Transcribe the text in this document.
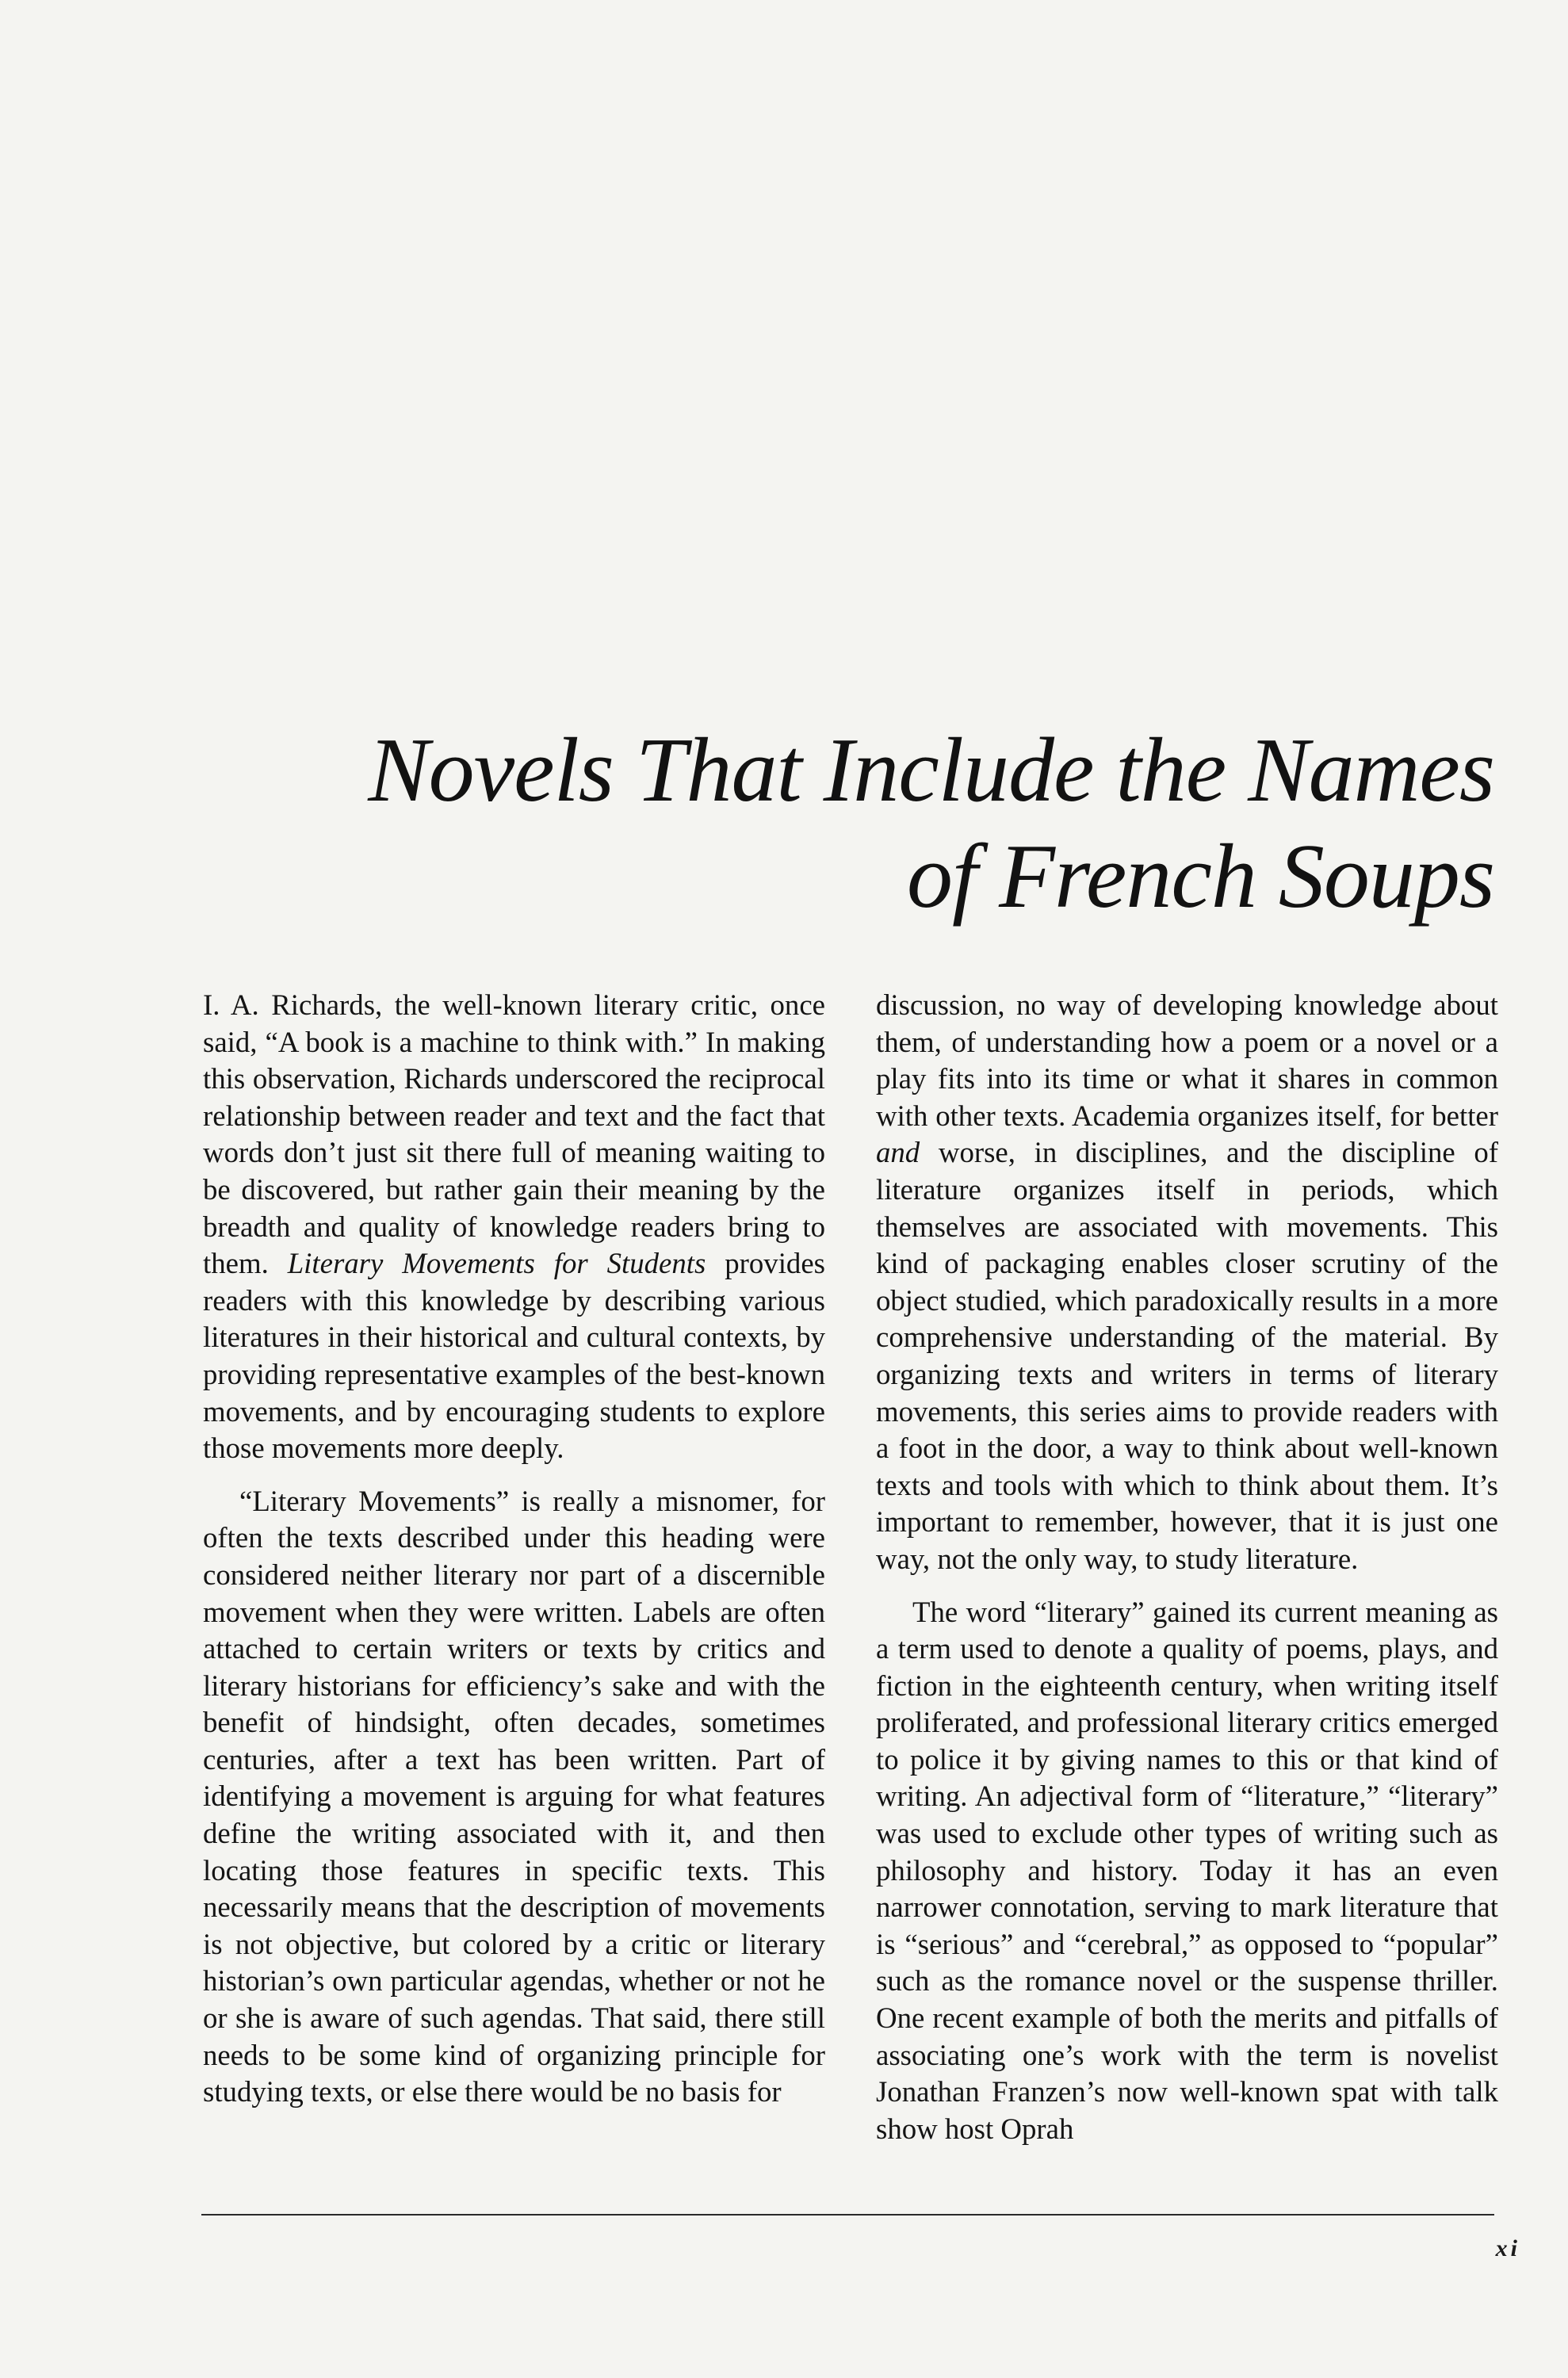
Novels That Include the Names
of French Soups

I. A. Richards, the well-known literary critic, once said, “A book is a machine to think with.” In making this observation, Richards underscored the reciprocal relationship between reader and text and the fact that words don’t just sit there full of meaning waiting to be discovered, but rather gain their meaning by the breadth and quality of knowledge readers bring to them. Literary Movements for Students provides readers with this knowledge by describing various literatures in their historical and cultural contexts, by providing representative examples of the best-known movements, and by encouraging students to explore those movements more deeply.

“Literary Movements” is really a misnomer, for often the texts described under this heading were considered neither literary nor part of a discernible movement when they were written. Labels are often attached to certain writers or texts by critics and literary historians for efficiency’s sake and with the benefit of hindsight, often decades, sometimes centuries, after a text has been written. Part of identifying a movement is arguing for what features define the writing associated with it, and then locating those features in specific texts. This necessarily means that the description of movements is not objective, but colored by a critic or literary historian’s own particular agendas, whether or not he or she is aware of such agendas. That said, there still needs to be some kind of organizing principle for studying texts, or else there would be no basis for

discussion, no way of developing knowledge about them, of understanding how a poem or a novel or a play fits into its time or what it shares in common with other texts. Academia organizes itself, for better and worse, in disciplines, and the discipline of literature organizes itself in periods, which themselves are associated with movements. This kind of packaging enables closer scrutiny of the object studied, which paradoxically results in a more comprehensive understanding of the material. By organizing texts and writers in terms of literary movements, this series aims to provide readers with a foot in the door, a way to think about well-known texts and tools with which to think about them. It’s important to remember, however, that it is just one way, not the only way, to study literature.

The word “literary” gained its current meaning as a term used to denote a quality of poems, plays, and fiction in the eighteenth century, when writing itself proliferated, and professional literary critics emerged to police it by giving names to this or that kind of writing. An adjectival form of “literature,” “literary” was used to exclude other types of writing such as philosophy and history. Today it has an even narrower connotation, serving to mark literature that is “serious” and “cerebral,” as opposed to “popular” such as the romance novel or the suspense thriller. One recent example of both the merits and pitfalls of associating one’s work with the term is novelist Jonathan Franzen’s now well-known spat with talk show host Oprah

xi
